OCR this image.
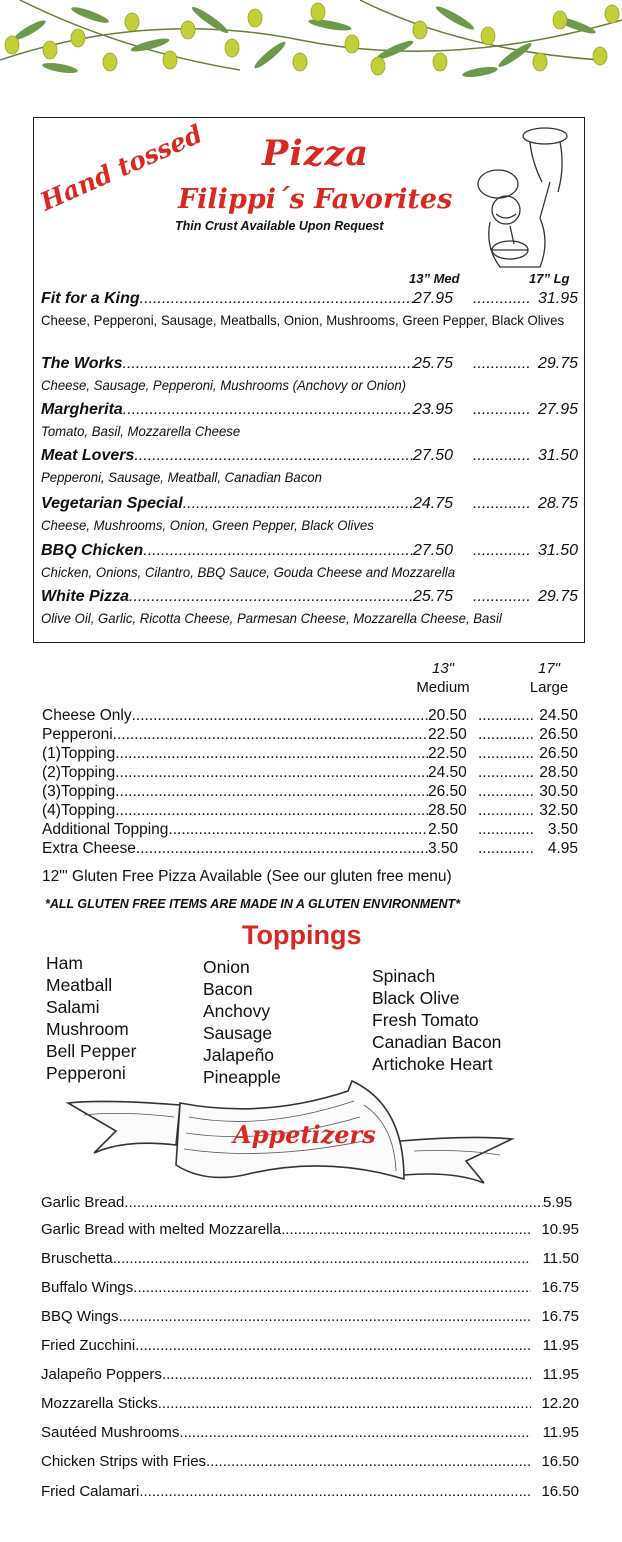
Hand tossed Pizza
Filippi´s Favorites
Thin Crust Available Upon Request
13” Med	17” Lg
Fit for a King .....	27.95 .....	31.95
Cheese, Pepperoni, Sausage, Meatballs, Onion, Mushrooms, Green Pepper, Black Olives
The Works .....	25.75 .....	29.75
Cheese, Sausage, Pepperoni, Mushrooms (Anchovy or Onion)
Margherita .....	23.95 .....	27.95
Tomato, Basil, Mozzarella Cheese
Meat Lovers .....	27.50 .....	31.50
Pepperoni, Sausage, Meatball, Canadian Bacon
Vegetarian Special .....	24.75 .....	28.75
Cheese, Mushrooms, Onion, Green Pepper, Black Olives
BBQ Chicken .....	27.50 .....	31.50
Chicken, Onions, Cilantro, BBQ Sauce, Gouda Cheese and Mozzarella
White Pizza .....	25.75 .....	29.75
Olive Oil, Garlic, Ricotta Cheese, Parmesan Cheese, Mozzarella Cheese, Basil
13"
Medium
17"
Large
Cheese Only .....	20.50 .....	24.50
Pepperoni .....	22.50 .....	26.50
(1)Topping .....	22.50 .....	26.50
(2)Topping .....	24.50 .....	28.50
(3)Topping .....	26.50 .....	30.50
(4)Topping .....	28.50 .....	32.50
Additional Topping .....	2.50 .....	3.50
Extra Cheese .....	3.50 .....	4.95
12"' Gluten Free Pizza Available (See our gluten free menu)
*ALL GLUTEN FREE ITEMS ARE MADE IN A GLUTEN ENVIRONMENT*
Toppings
Ham
Meatball
Salami
Mushroom
Bell Pepper
Pepperoni
Onion
Bacon
Anchovy
Sausage
Jalapeño
Pineapple
Spinach
Black Olive
Fresh Tomato
Canadian Bacon
Artichoke Heart
Appetizers
Garlic Bread .....	5.95
Garlic Bread with melted Mozzarella .....	10.95
Bruschetta .....	11.50
Buffalo Wings .....	16.75
BBQ Wings .....	16.75
Fried Zucchini .....	11.95
Jalapeño Poppers .....	11.95
Mozzarella Sticks .....	12.20
Sautéed Mushrooms .....	11.95
Chicken Strips with Fries .....	16.50
Fried Calamari .....	16.50
